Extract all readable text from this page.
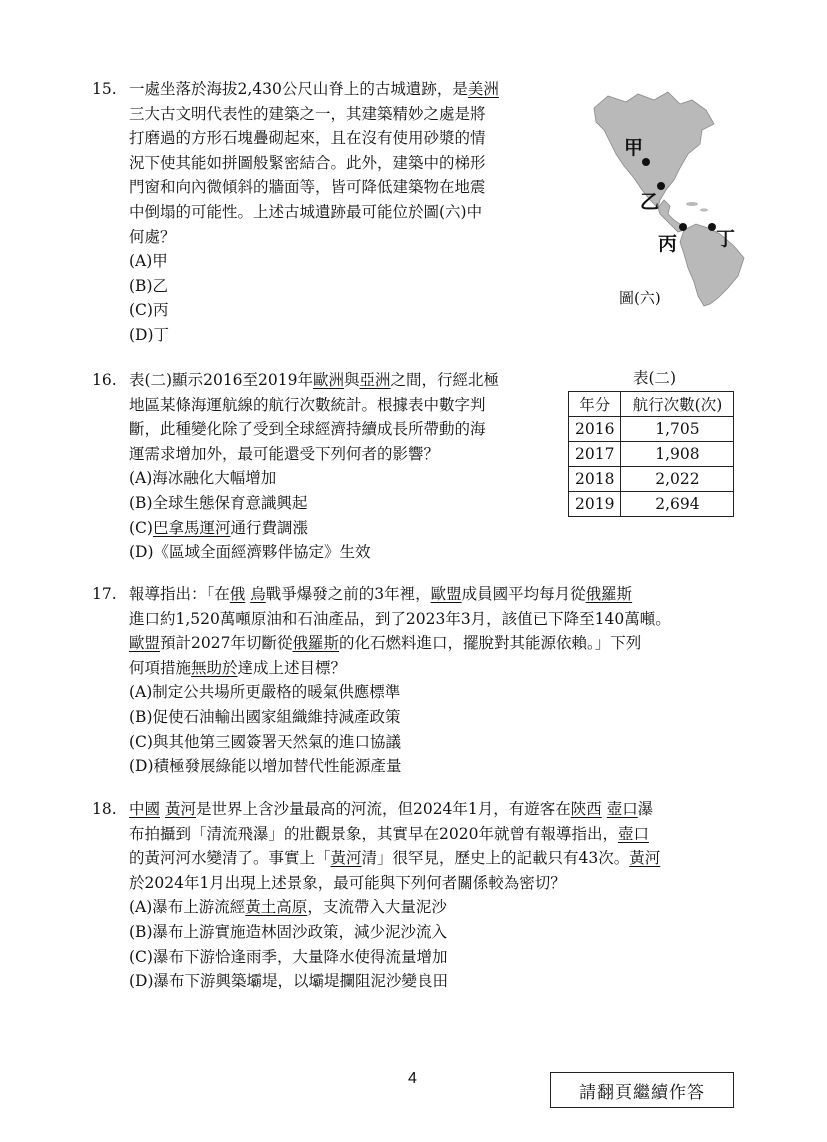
15. 一處坐落於海拔2,430公尺山脊上的古城遺跡，是美洲
三大古文明代表性的建築之一，其建築精妙之處是將
打磨過的方形石塊疊砌起來，且在沒有使用砂漿的情
況下使其能如拼圖般緊密結合。此外，建築中的梯形
門窗和向內微傾斜的牆面等，皆可降低建築物在地震
中倒塌的可能性。上述古城遺跡最可能位於圖(六)中
何處？
(A)甲
(B)乙
(C)丙
(D)丁
甲
乙
丙 丁
圖(六)
16. 表(二)顯示2016至2019年歐洲與亞洲之間，行經北極
地區某條海運航線的航行次數統計。根據表中數字判
斷，此種變化除了受到全球經濟持續成長所帶動的海
運需求增加外，最可能還受下列何者的影響？
(A)海冰融化大幅增加
(B)全球生態保育意識興起
(C)巴拿馬運河通行費調漲
(D)《區域全面經濟夥伴協定》生效
表(二)
年分	航行次數(次)
2016	1,705
2017	1,908
2018	2,022
2019	2,694
17. 報導指出：「在俄 烏戰爭爆發之前的3年裡，歐盟成員國平均每月從俄羅斯
進口約1,520萬噸原油和石油產品，到了2023年3月，該值已下降至140萬噸。
歐盟預計2027年切斷從俄羅斯的化石燃料進口，擺脫對其能源依賴。」下列
何項措施無助於達成上述目標？
(A)制定公共場所更嚴格的暖氣供應標準
(B)促使石油輸出國家組織維持減產政策
(C)與其他第三國簽署天然氣的進口協議
(D)積極發展綠能以增加替代性能源產量
18. 中國 黃河是世界上含沙量最高的河流，但2024年1月，有遊客在陝西 壺口瀑
布拍攝到「清流飛瀑」的壯觀景象，其實早在2020年就曾有報導指出，壺口
的黃河河水變清了。事實上「黃河清」很罕見，歷史上的記載只有43次。黃河
於2024年1月出現上述景象，最可能與下列何者關係較為密切？
(A)瀑布上游流經黃土高原，支流帶入大量泥沙
(B)瀑布上游實施造林固沙政策，減少泥沙流入
(C)瀑布下游恰逢雨季，大量降水使得流量增加
(D)瀑布下游興築壩堤，以壩堤攔阻泥沙變良田
4
請翻頁繼續作答
